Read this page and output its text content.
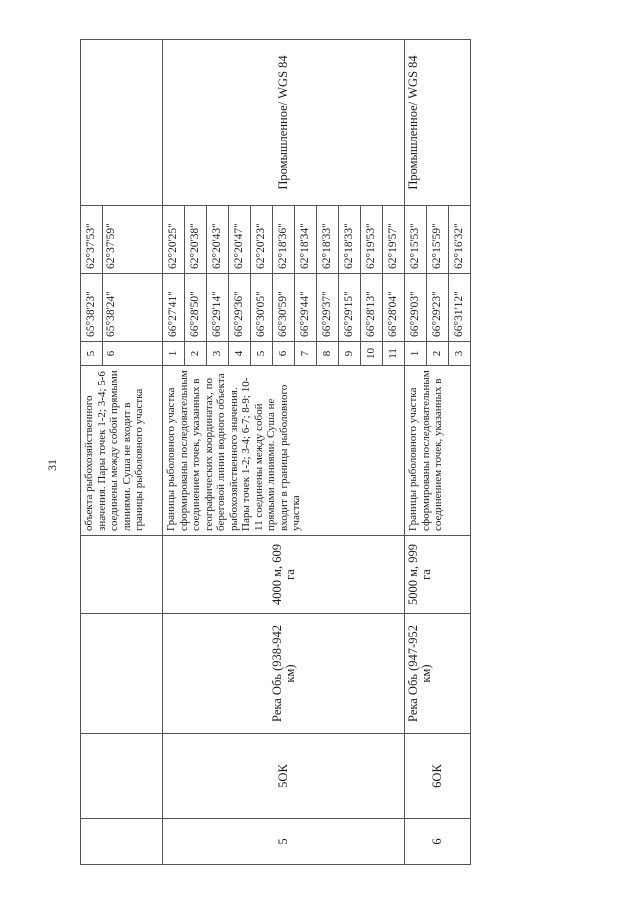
31
				объекта рыбохозяйственного значения. Пары точек 1-2; 3-4; 5-6 соединены между собой прямыми линиями. Суша не входит в границы рыболовного участка	5	65°38'23"	62°37'53"	
					6	65°38'24"	62°37'59"	
5	5ОК	Река Обь (938-942 км)	4000 м, 609 га	Границы рыболовного участка сформированы последовательным соединением точек, указанных в географических координатах, по береговой линии водного объекта рыбохозяйственного значения. Пары точек 1-2; 3-4; 6-7; 8-9; 10-11 соединены между собой прямыми линиями. Суша не входит в границы рыболовного участка	1	66°27'41"	62°20'25"	Промышленное/ WGS 84
					2	66°28'50"	62°20'38"	
					3	66°29'14"	62°20'43"	
					4	66°29'36"	62°20'47"	
					5	66°30'05"	62°20'23"	
					6	66°30'59"	62°18'36"	
					7	66°29'44"	62°18'34"	
					8	66°29'37"	62°18'33"	
					9	66°29'15"	62°18'33"	
					10	66°28'13"	62°19'53"	
					11	66°28'04"	62°19'57"	
6	6ОК	Река Обь (947-952 км)	5000 м, 999 га	Границы рыболовного участка сформированы последовательным соединением точек, указанных в	1	66°29'03"	62°15'53"	Промышленное/ WGS 84
					2	66°29'23"	62°15'59"	
					3	66°31'12"	62°16'32"	
